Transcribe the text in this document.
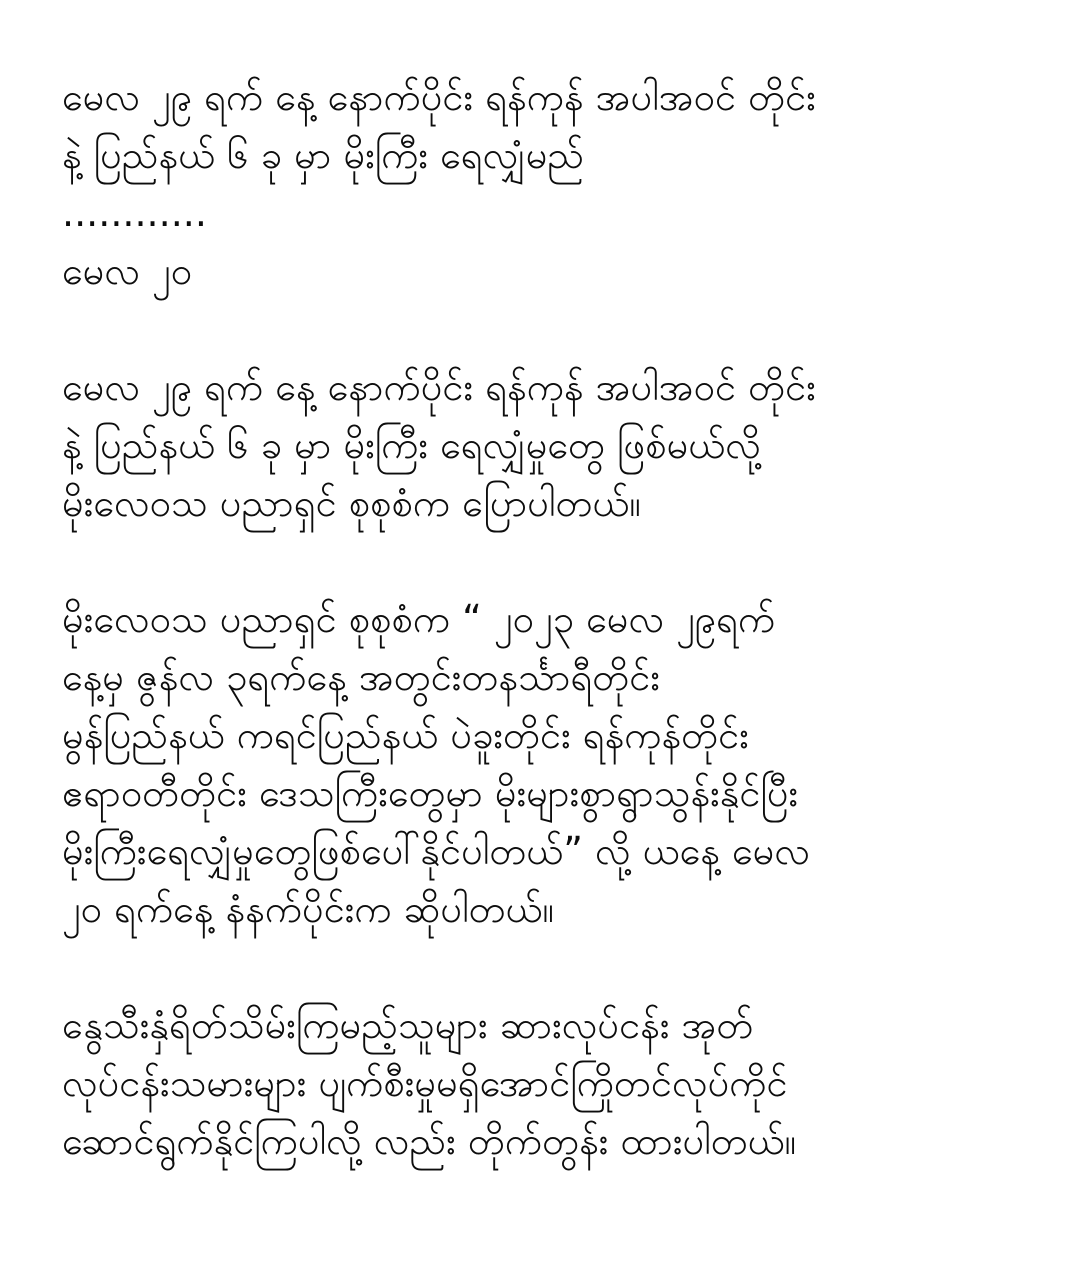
မေလ ၂၉ ရက် နေ့ နောက်ပိုင်း ရန်ကုန် အပါအဝင် တိုင်း
နဲ့ ပြည်နယ် ၆ ခု မှာ မိုးကြီး ရေလျှံမည်

............

မေလ ၂၀

မေလ ၂၉ ရက် နေ့ နောက်ပိုင်း ရန်ကုန် အပါအဝင် တိုင်း
နဲ့ ပြည်နယ် ၆ ခု မှာ မိုးကြီး ရေလျှံမှုတွေ ဖြစ်မယ်လို့
မိုးလေဝသ ပညာရှင် စုစုစံက ပြောပါတယ်။

မိုးလေဝသ ပညာရှင် စုစုစံက “ ၂၀၂၃ မေလ ၂၉ရက်
နေ့မှ ဇွန်လ ၃ရက်နေ့ အတွင်းတနင်္သာရီတိုင်း
မွန်ပြည်နယ် ကရင်ပြည်နယ် ပဲခူးတိုင်း ရန်ကုန်တိုင်း
ဧရာဝတီတိုင်း ဒေသကြီးတွေမှာ မိုးများစွာရွာသွန်းနိုင်ပြီး
မိုးကြီးရေလျှံမှုတွေဖြစ်ပေါ်နိုင်ပါတယ်” လို့ ယနေ့ မေလ
၂၀ ရက်နေ့ နံနက်ပိုင်းက ဆိုပါတယ်။

နွေသီးနှံရိတ်သိမ်းကြမည့်သူများ ဆားလုပ်ငန်း အုတ်
လုပ်ငန်းသမားများ ပျက်စီးမှုမရှိအောင်ကြိုတင်လုပ်ကိုင်
ဆောင်ရွက်နိုင်ကြပါလို့ လည်း တိုက်တွန်း ထားပါတယ်။
